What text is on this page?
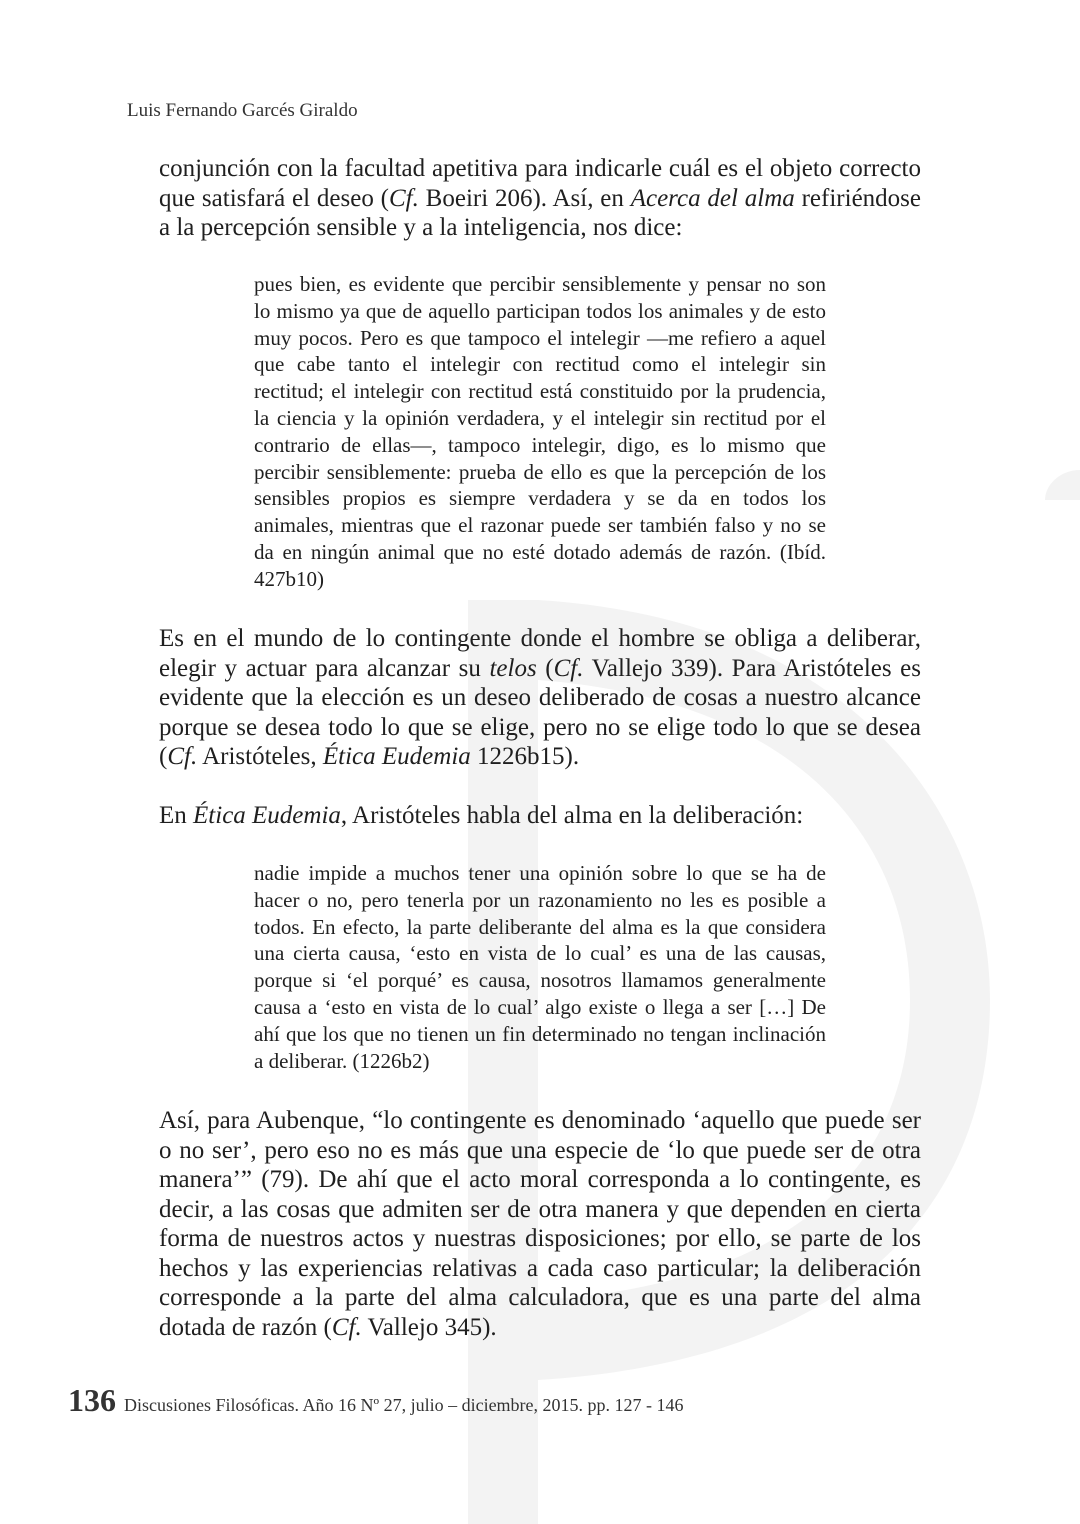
Luis Fernando Garcés Giraldo

conjunción con la facultad apetitiva para indicarle cuál es el objeto correcto que satisfará el deseo (Cf. Boeiri 206). Así, en Acerca del alma refiriéndose a la percepción sensible y a la inteligencia, nos dice:

pues bien, es evidente que percibir sensiblemente y pensar no son lo mismo ya que de aquello participan todos los animales y de esto muy pocos. Pero es que tampoco el intelegir —me refiero a aquel que cabe tanto el intelegir con rectitud como el intelegir sin rectitud; el intelegir con rectitud está constituido por la prudencia, la ciencia y la opinión verdadera, y el intelegir sin rectitud por el contrario de ellas—, tampoco intelegir, digo, es lo mismo que percibir sensiblemente: prueba de ello es que la percepción de los sensibles propios es siempre verdadera y se da en todos los animales, mientras que el razonar puede ser también falso y no se da en ningún animal que no esté dotado además de razón. (Ibíd. 427b10)

Es en el mundo de lo contingente donde el hombre se obliga a deliberar, elegir y actuar para alcanzar su telos (Cf. Vallejo 339). Para Aristóteles es evidente que la elección es un deseo deliberado de cosas a nuestro alcance porque se desea todo lo que se elige, pero no se elige todo lo que se desea (Cf. Aristóteles, Ética Eudemia 1226b15).

En Ética Eudemia, Aristóteles habla del alma en la deliberación:

nadie impide a muchos tener una opinión sobre lo que se ha de hacer o no, pero tenerla por un razonamiento no les es posible a todos. En efecto, la parte deliberante del alma es la que considera una cierta causa, ‘esto en vista de lo cual’ es una de las causas, porque si ‘el porqué’ es causa, nosotros llamamos generalmente causa a ‘esto en vista de lo cual’ algo existe o llega a ser […] De ahí que los que no tienen un fin determinado no tengan inclinación a deliberar. (1226b2)

Así, para Aubenque, “lo contingente es denominado ‘aquello que puede ser o no ser’, pero eso no es más que una especie de ‘lo que puede ser de otra manera’” (79). De ahí que el acto moral corresponda a lo contingente, es decir, a las cosas que admiten ser de otra manera y que dependen en cierta forma de nuestros actos y nuestras disposiciones; por ello, se parte de los hechos y las experiencias relativas a cada caso particular; la deliberación corresponde a la parte del alma calculadora, que es una parte del alma dotada de razón (Cf. Vallejo 345).

136 Discusiones Filosóficas. Año 16 Nº 27, julio – diciembre, 2015. pp. 127 - 146
